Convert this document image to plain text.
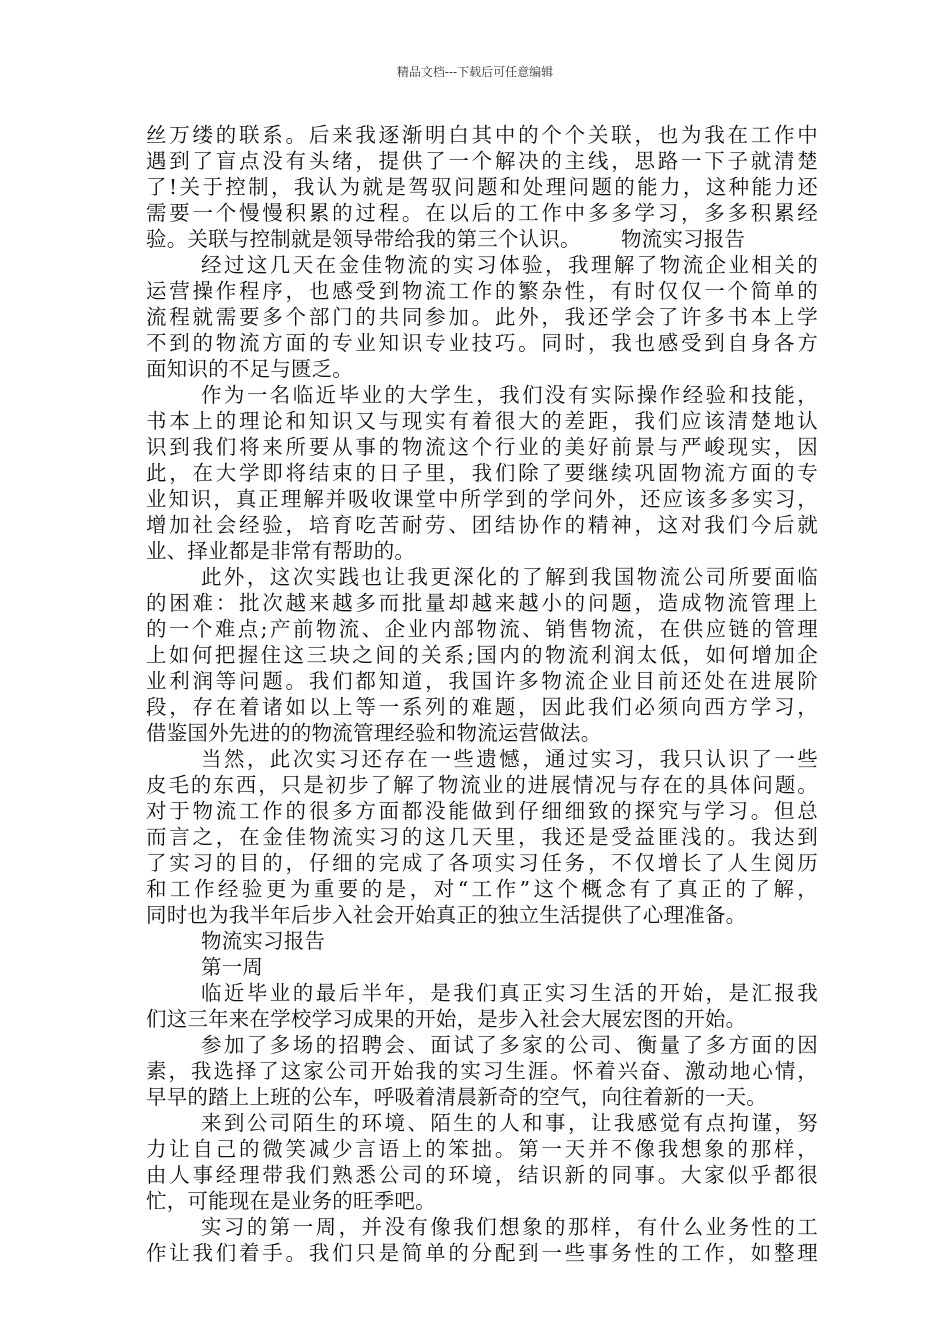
精品文档---下载后可任意编辑
丝万缕的联系。后来我逐渐明白其中的个个关联，也为我在工作中
遇到了盲点没有头绪，提供了一个解决的主线，思路一下子就清楚
了!关于控制，我认为就是驾驭问题和处理问题的能力，这种能力还
需要一个慢慢积累的过程。在以后的工作中多多学习，多多积累经
验。关联与控制就是领导带给我的第三个认识。      物流实习报告
经过这几天在金佳物流的实习体验，我理解了物流企业相关的
运营操作程序，也感受到物流工作的繁杂性，有时仅仅一个简单的
流程就需要多个部门的共同参加。此外，我还学会了许多书本上学
不到的物流方面的专业知识专业技巧。同时，我也感受到自身各方
面知识的不足与匮乏。
作为一名临近毕业的大学生，我们没有实际操作经验和技能，
书本上的理论和知识又与现实有着很大的差距，我们应该清楚地认
识到我们将来所要从事的物流这个行业的美好前景与严峻现实，因
此，在大学即将结束的日子里，我们除了要继续巩固物流方面的专
业知识，真正理解并吸收课堂中所学到的学问外，还应该多多实习，
增加社会经验，培育吃苦耐劳、团结协作的精神，这对我们今后就
业、择业都是非常有帮助的。
此外，这次实践也让我更深化的了解到我国物流公司所要面临
的困难：批次越来越多而批量却越来越小的问题，造成物流管理上
的一个难点;产前物流、企业内部物流、销售物流，在供应链的管理
上如何把握住这三块之间的关系;国内的物流利润太低，如何增加企
业利润等问题。我们都知道，我国许多物流企业目前还处在进展阶
段，存在着诸如以上等一系列的难题，因此我们必须向西方学习，
借鉴国外先进的的物流管理经验和物流运营做法。
当然，此次实习还存在一些遗憾，通过实习，我只认识了一些
皮毛的东西，只是初步了解了物流业的进展情况与存在的具体问题。
对于物流工作的很多方面都没能做到仔细细致的探究与学习。但总
而言之，在金佳物流实习的这几天里，我还是受益匪浅的。我达到
了实习的目的，仔细的完成了各项实习任务，不仅增长了人生阅历
和工作经验更为重要的是，对“工作”这个概念有了真正的了解，
同时也为我半年后步入社会开始真正的独立生活提供了心理准备。
物流实习报告
第一周
临近毕业的最后半年，是我们真正实习生活的开始，是汇报我
们这三年来在学校学习成果的开始，是步入社会大展宏图的开始。
参加了多场的招聘会、面试了多家的公司、衡量了多方面的因
素，我选择了这家公司开始我的实习生涯。怀着兴奋、激动地心情，
早早的踏上上班的公车，呼吸着清晨新奇的空气，向往着新的一天。
来到公司陌生的环境、陌生的人和事，让我感觉有点拘谨，努
力让自己的微笑减少言语上的笨拙。第一天并不像我想象的那样，
由人事经理带我们熟悉公司的环境，结识新的同事。大家似乎都很
忙，可能现在是业务的旺季吧。
实习的第一周，并没有像我们想象的那样，有什么业务性的工
作让我们着手。我们只是简单的分配到一些事务性的工作，如整理
